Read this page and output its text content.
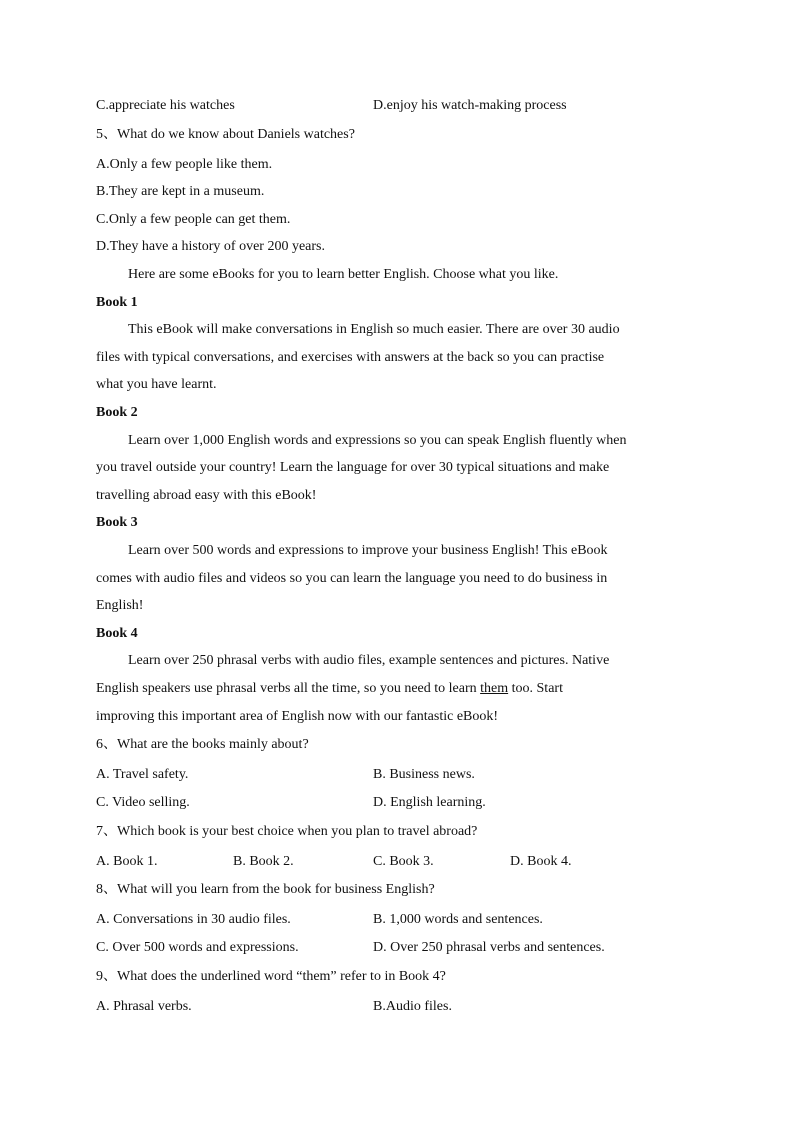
C.appreciate his watches	D.enjoy his watch-making process
5、What do we know about Daniels watches?
A.Only a few people like them.
B.They are kept in a museum.
C.Only a few people can get them.
D.They have a history of over 200 years.
Here are some eBooks for you to learn better English. Choose what you like.
Book 1
This eBook will make conversations in English so much easier. There are over 30 audio
files with typical conversations, and exercises with answers at the back so you can practise
what you have learnt.
Book 2
Learn over 1,000 English words and expressions so you can speak English fluently when
you travel outside your country! Learn the language for over 30 typical situations and make
travelling abroad easy with this eBook!
Book 3
Learn over 500 words and expressions to improve your business English! This eBook
comes with audio files and videos so you can learn the language you need to do business in
English!
Book 4
Learn over 250 phrasal verbs with audio files, example sentences and pictures. Native
English speakers use phrasal verbs all the time, so you need to learn them too. Start
improving this important area of English now with our fantastic eBook!
6、What are the books mainly about?
A. Travel safety.	B. Business news.
C. Video selling.	D. English learning.
7、Which book is your best choice when you plan to travel abroad?
A. Book 1.	B. Book 2.	C. Book 3.	D. Book 4.
8、What will you learn from the book for business English?
A. Conversations in 30 audio files.	B. 1,000 words and sentences.
C. Over 500 words and expressions.	D. Over 250 phrasal verbs and sentences.
9、What does the underlined word “them” refer to in Book 4?
A. Phrasal verbs.	B.Audio files.
